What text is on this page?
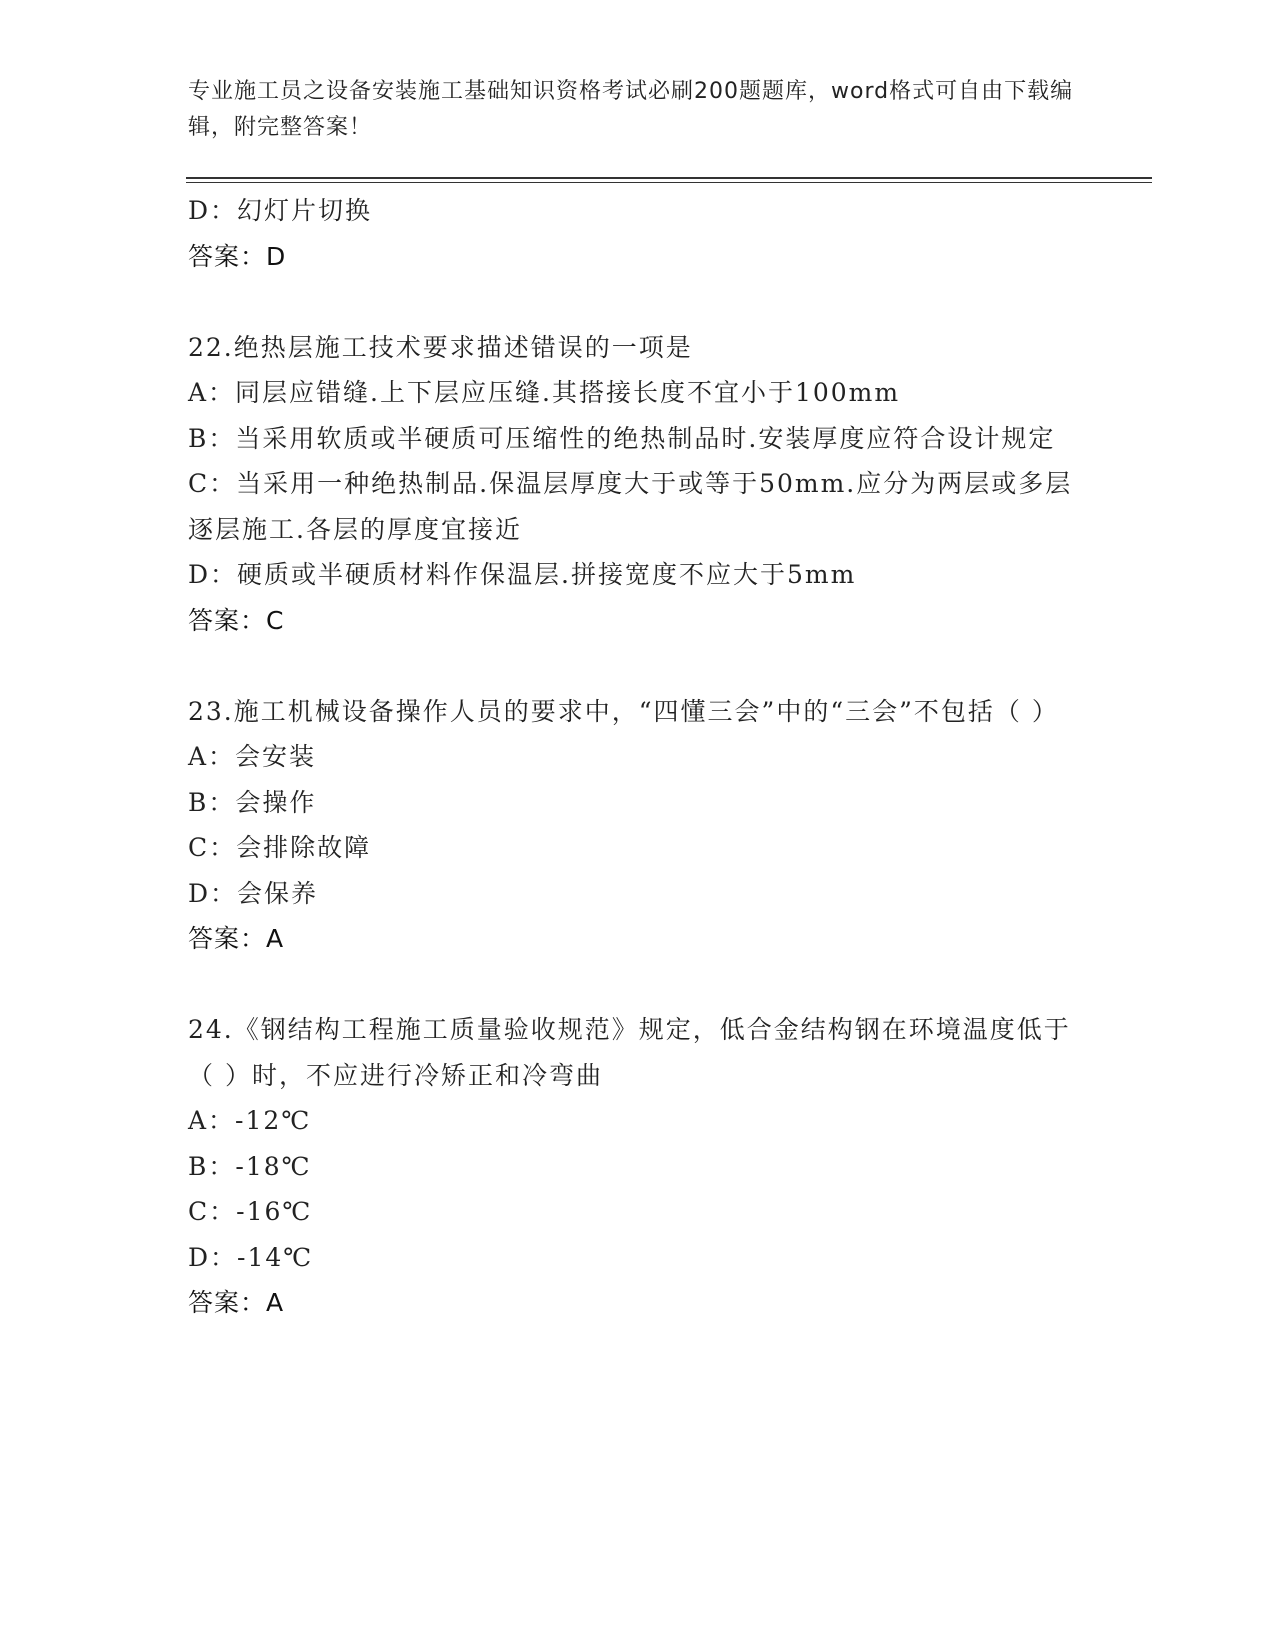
专业施工员之设备安装施工基础知识资格考试必刷200题题库，word格式可自由下载编辑，附完整答案！
D：幻灯片切换
答案：D
22.绝热层施工技术要求描述错误的一项是
A：同层应错缝.上下层应压缝.其搭接长度不宜小于100mm
B：当采用软质或半硬质可压缩性的绝热制品时.安装厚度应符合设计规定
C：当采用一种绝热制品.保温层厚度大于或等于50mm.应分为两层或多层逐层施工.各层的厚度宜接近
D：硬质或半硬质材料作保温层.拼接宽度不应大于5mm
答案：C
23.施工机械设备操作人员的要求中，“四懂三会”中的“三会”不包括（ ）
A：会安装
B：会操作
C：会排除故障
D：会保养
答案：A
24.《钢结构工程施工质量验收规范》规定，低合金结构钢在环境温度低于（ ）时，不应进行冷矫正和冷弯曲
A：-12℃
B：-18℃
C：-16℃
D：-14℃
答案：A
